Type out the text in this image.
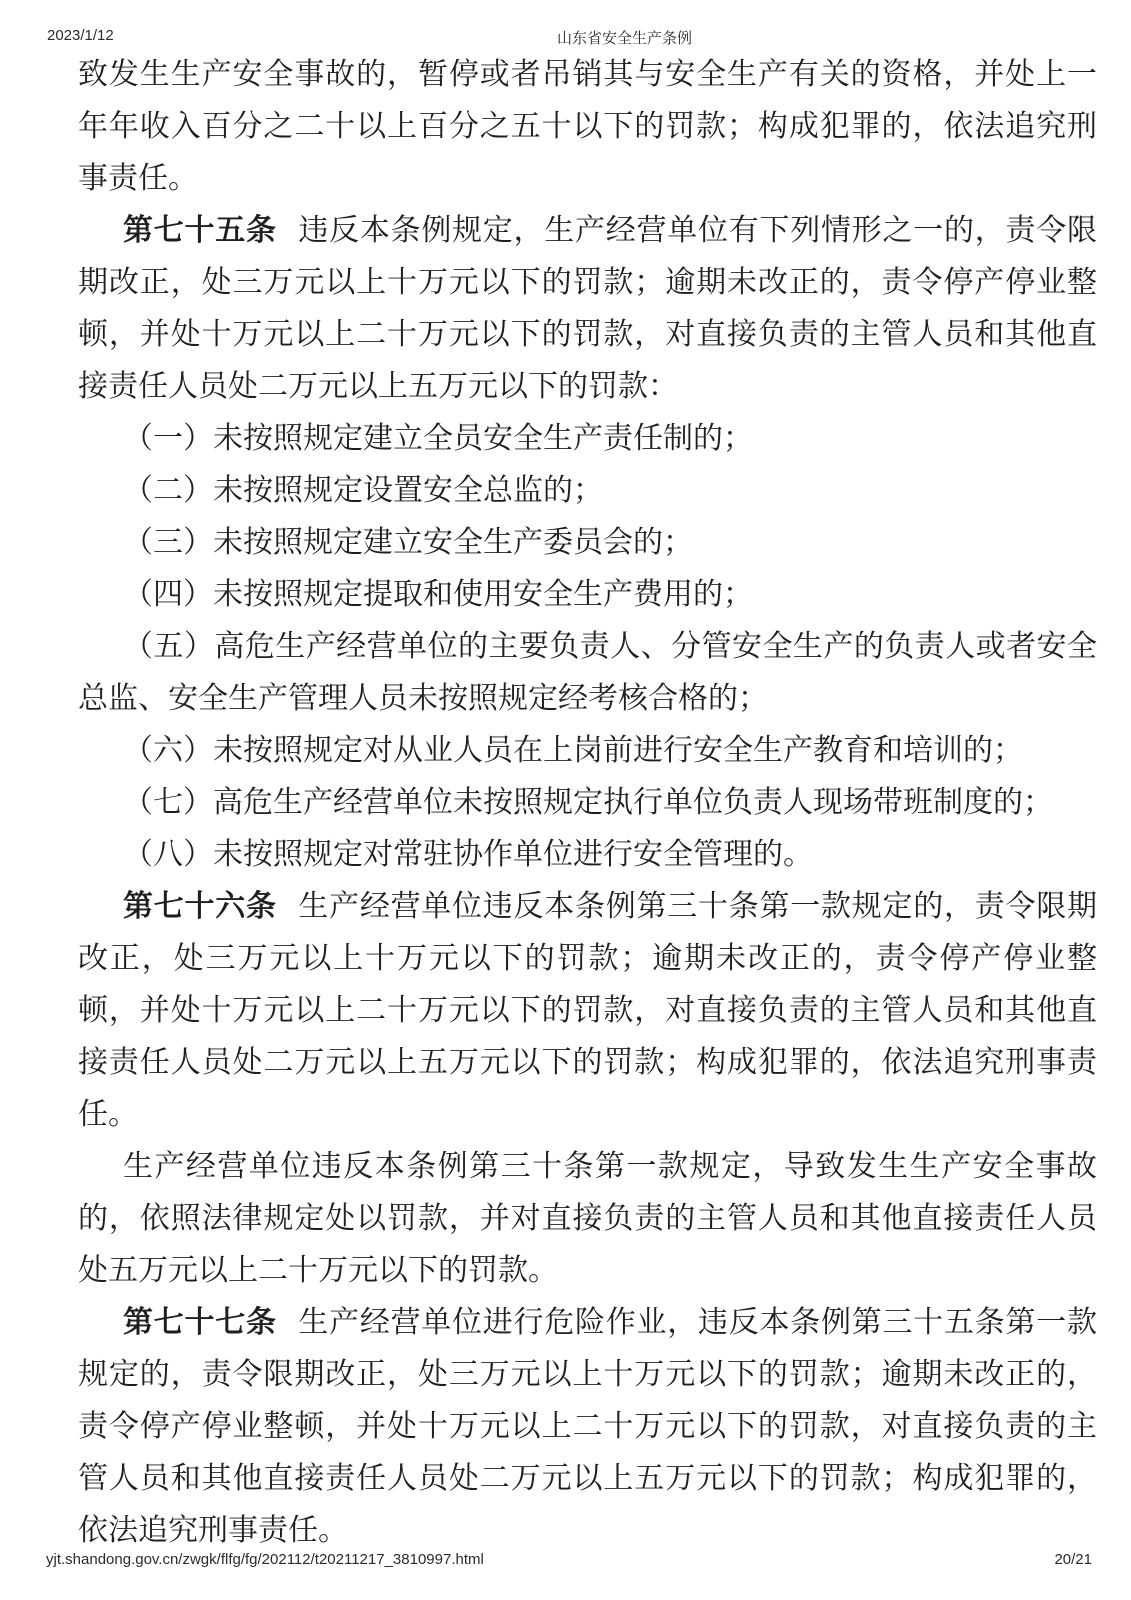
2023/1/12	山东省安全生产条例

致发生生产安全事故的，暂停或者吊销其与安全生产有关的资格，并处上一年年收入百分之二十以上百分之五十以下的罚款；构成犯罪的，依法追究刑事责任。

第七十五条 违反本条例规定，生产经营单位有下列情形之一的，责令限期改正，处三万元以上十万元以下的罚款；逾期未改正的，责令停产停业整顿，并处十万元以上二十万元以下的罚款，对直接负责的主管人员和其他直接责任人员处二万元以上五万元以下的罚款：

（一）未按照规定建立全员安全生产责任制的；

（二）未按照规定设置安全总监的；

（三）未按照规定建立安全生产委员会的；

（四）未按照规定提取和使用安全生产费用的；

（五）高危生产经营单位的主要负责人、分管安全生产的负责人或者安全总监、安全生产管理人员未按照规定经考核合格的；

（六）未按照规定对从业人员在上岗前进行安全生产教育和培训的；

（七）高危生产经营单位未按照规定执行单位负责人现场带班制度的；

（八）未按照规定对常驻协作单位进行安全管理的。

第七十六条 生产经营单位违反本条例第三十条第一款规定的，责令限期改正，处三万元以上十万元以下的罚款；逾期未改正的，责令停产停业整顿，并处十万元以上二十万元以下的罚款，对直接负责的主管人员和其他直接责任人员处二万元以上五万元以下的罚款；构成犯罪的，依法追究刑事责任。

生产经营单位违反本条例第三十条第一款规定，导致发生生产安全事故的，依照法律规定处以罚款，并对直接负责的主管人员和其他直接责任人员处五万元以上二十万元以下的罚款。

第七十七条 生产经营单位进行危险作业，违反本条例第三十五条第一款规定的，责令限期改正，处三万元以上十万元以下的罚款；逾期未改正的，责令停产停业整顿，并处十万元以上二十万元以下的罚款，对直接负责的主管人员和其他直接责任人员处二万元以上五万元以下的罚款；构成犯罪的，依法追究刑事责任。

yjt.shandong.gov.cn/zwgk/flfg/fg/202112/t20211217_3810997.html	20/21
